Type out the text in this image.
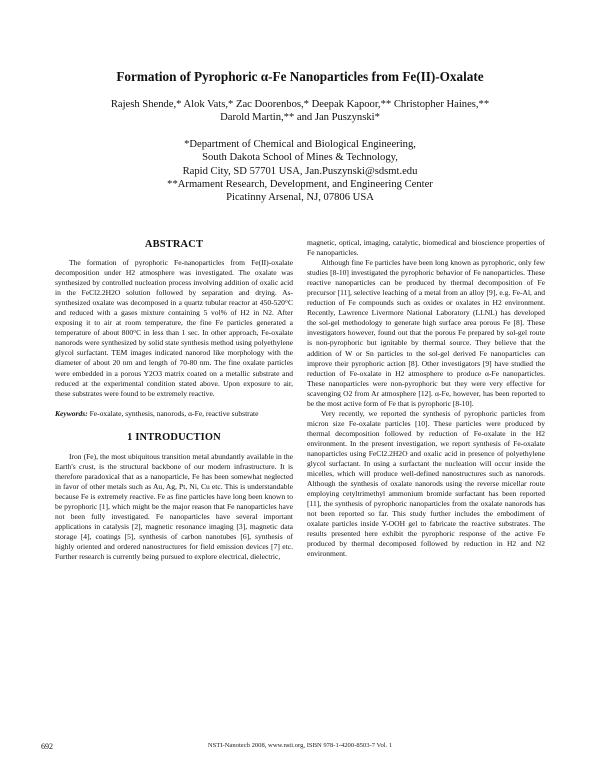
Formation of Pyrophoric α-Fe Nanoparticles from Fe(II)-Oxalate
Rajesh Shende,* Alok Vats,* Zac Doorenbos,* Deepak Kapoor,** Christopher Haines,**
Darold Martin,** and Jan Puszynski*
*Department of Chemical and Biological Engineering,
South Dakota School of Mines & Technology,
Rapid City, SD 57701 USA, Jan.Puszynski@sdsmt.edu
**Armament Research, Development, and Engineering Center
Picatinny Arsenal, NJ, 07806 USA
ABSTRACT

The formation of pyrophoric Fe-nanoparticles from Fe(II)-oxalate decomposition under H2 atmosphere was investigated. The oxalate was synthesized by controlled nucleation process involving addition of oxalic acid in the FeCl2.2H2O solution followed by separation and drying. As-synthesized oxalate was decomposed in a quartz tubular reactor at 450-520°C and reduced with a gases mixture containing 5 vol% of H2 in N2. After exposing it to air at room temperature, the fine Fe particles generated a temperature of about 800°C in less than 1 sec. In other approach, Fe-oxalate nanorods were synthesized by solid state synthesis method using polyethylene glycol surfactant. TEM images indicated nanorod like morphology with the diameter of about 20 nm and length of 70-80 nm. The fine oxalate particles were embedded in a porous Y2O3 matrix coated on a metallic substrate and reduced at the experimental condition stated above. Upon exposure to air, these substrates were found to be extremely reactive.

Keywords: Fe-oxalate, synthesis, nanorods, α-Fe, reactive substrate

1 INTRODUCTION

Iron (Fe), the most ubiquitous transition metal abundantly available in the Earth's crust, is the structural backbone of our modern infrastructure. It is therefore paradoxical that as a nanoparticle, Fe has been somewhat neglected in favor of other metals such as Au, Ag, Pt, Ni, Cu etc. This is understandable because Fe is extremely reactive. Fe as fine particles have long been known to be pyrophoric [1], which might be the major reason that Fe nanoparticles have not been fully investigated. Fe nanoparticles have several important applications in catalysis [2], magnetic resonance imaging [3], magnetic data storage [4], coatings [5], synthesis of carbon nanotubes [6], synthesis of highly oriented and ordered nanostructures for field emission devices [7] etc. Further research is currently being pursued to explore electrical, dielectric,

magnetic, optical, imaging, catalytic, biomedical and bioscience properties of Fe nanoparticles.

Although fine Fe particles have been long known as pyrophoric, only few studies [8-10] investigated the pyrophoric behavior of Fe nanoparticles. These reactive nanoparticles can be produced by thermal decomposition of Fe precursor [11], selective leaching of a metal from an alloy [9], e.g. Fe-Al, and reduction of Fe compounds such as oxides or oxalates in H2 environment. Recently, Lawrence Livermore National Laboratory (LLNL) has developed the sol-gel methodology to generate high surface area porous Fe [8]. These investigators however, found out that the porous Fe prepared by sol-gel route is non-pyrophoric but ignitable by thermal source. They believe that the addition of W or Sn particles to the sol-gel derived Fe nanoparticles can improve their pyrophoric action [8]. Other investigators [9] have studied the reduction of Fe-oxalate in H2 atmosphere to produce α-Fe nanoparticles. These nanoparticles were non-pyrophoric but they were very effective for scavenging O2 from Ar atmosphere [12]. α-Fe, however, has been reported to be the most active form of Fe that is pyrophoric [8-10].

Very recently, we reported the synthesis of pyrophoric particles from micron size Fe-oxalate particles [10]. These particles were produced by thermal decomposition followed by reduction of Fe-oxalate in the H2 environment. In the present investigation, we report synthesis of Fe-oxalate nanoparticles using FeCl2.2H2O and oxalic acid in presence of polyethylene glycol surfactant. In using a surfactant the nucleation will occur inside the micelles, which will produce well-defined nanostructures such as nanorods. Although the synthesis of oxalate nanorods using the reverse micellar route employing cetyltrimethyl ammonium bromide surfactant has been reported [11], the synthesis of pyrophoric nanoparticles from the oxalate nanorods has not been reported so far. This study further includes the embodiment of oxalate particles inside Y-OOH gel to fabricate the reactive substrates. The results presented here exhibit the pyrophoric response of the active Fe produced by thermal decomposed followed by reduction in H2 and N2 environment.

692	NSTI-Nanotech 2008, www.nsti.org, ISBN 978-1-4200-8503-7 Vol. 1
